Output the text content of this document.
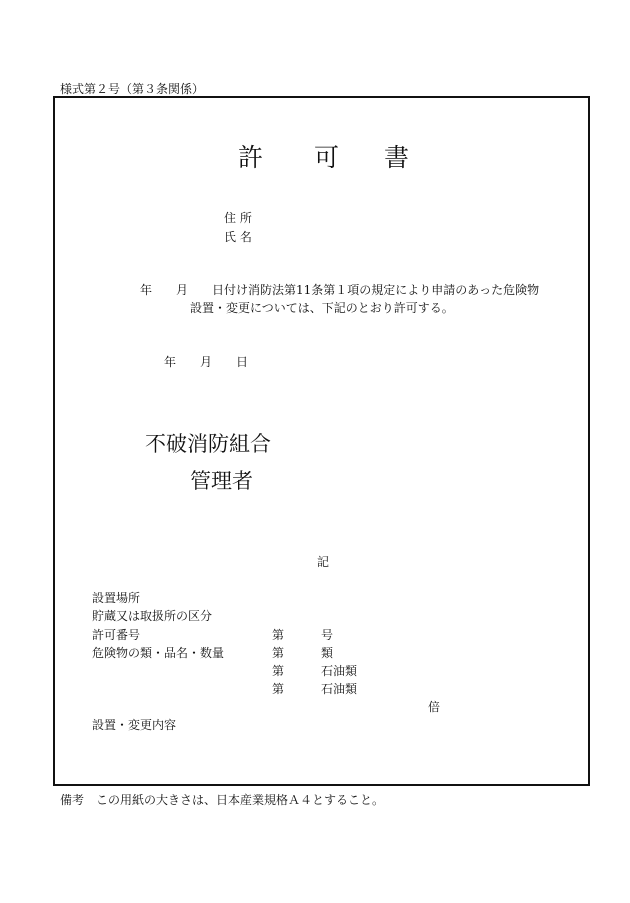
様式第２号（第３条関係）
許 可 書
住 所
氏 名
年　　月　　日付け消防法第11条第１項の規定により申請のあった危険物
設置・変更については、下記のとおり許可する。
年　　月　　日
不破消防組合
管理者
記
設置場所
貯蔵又は取扱所の区分
許可番号	第	号
危険物の類・品名・数量	第	類
第	石油類
第	石油類
倍
設置・変更内容
備考　この用紙の大きさは、日本産業規格Ａ４とすること。
